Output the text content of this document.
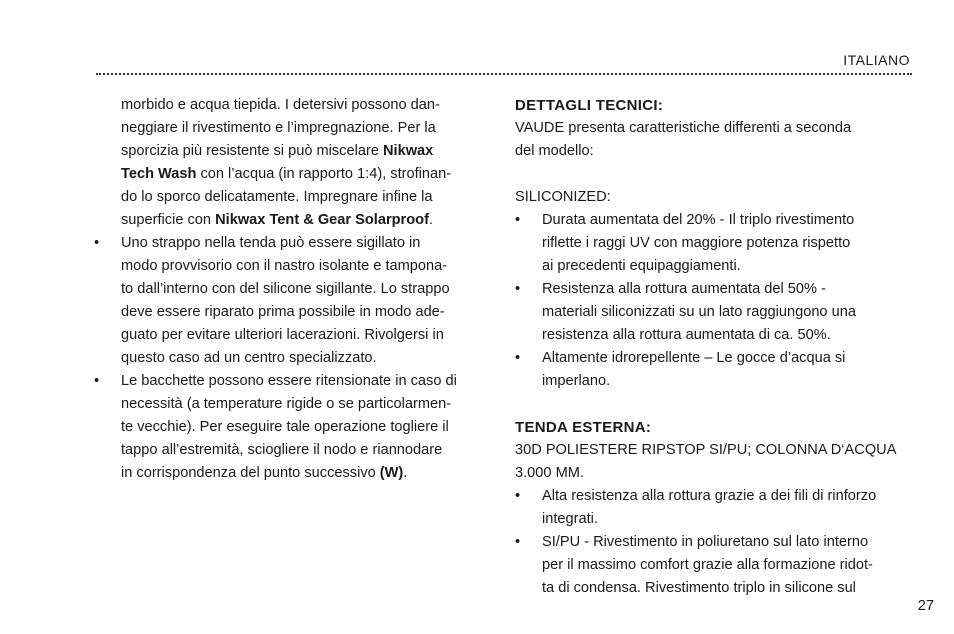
ITALIANO

morbido e acqua tiepida. I detersivi possono dan-
neggiare il rivestimento e l’impregnazione. Per la
sporcizia più resistente si può miscelare Nikwax
Tech Wash con l’acqua (in rapporto 1:4), strofinan-
do lo sporco delicatamente. Impregnare infine la
superficie con Nikwax Tent & Gear Solarproof.

•	Uno strappo nella tenda può essere sigillato in
modo provvisorio con il nastro isolante e tampona-
to dall’interno con del silicone sigillante. Lo strappo
deve essere riparato prima possibile in modo ade-
guato per evitare ulteriori lacerazioni. Rivolgersi in
questo caso ad un centro specializzato.
•	Le bacchette possono essere ritensionate in caso di
necessità (a temperature rigide o se particolarmen-
te vecchie). Per eseguire tale operazione togliere il
tappo all’estremità, sciogliere il nodo e riannodare
in corrispondenza del punto successivo (W).

DETTAGLI TECNICI:

VAUDE presenta caratteristiche differenti a seconda

del modello:

SILICONIZED:

• Durata aumentata del 20% - Il triplo rivestimento
riflette i raggi UV con maggiore potenza rispetto
ai precedenti equipaggiamenti.
• Resistenza alla rottura aumentata del 50% -
materiali siliconizzati su un lato raggiungono una
resistenza alla rottura aumentata di ca. 50%.
• Altamente idrorepellente – Le gocce d’acqua si
imperlano.

TENDA ESTERNA:

30D POLIESTERE RIPSTOP SI/PU; COLONNA D‘ACQUA

3.000 MM.

• Alta resistenza alla rottura grazie a dei fili di rinforzo
integrati.
• SI/PU - Rivestimento in poliuretano sul lato interno
per il massimo comfort grazie alla formazione ridot-
ta di condensa. Rivestimento triplo in silicone sul
27
